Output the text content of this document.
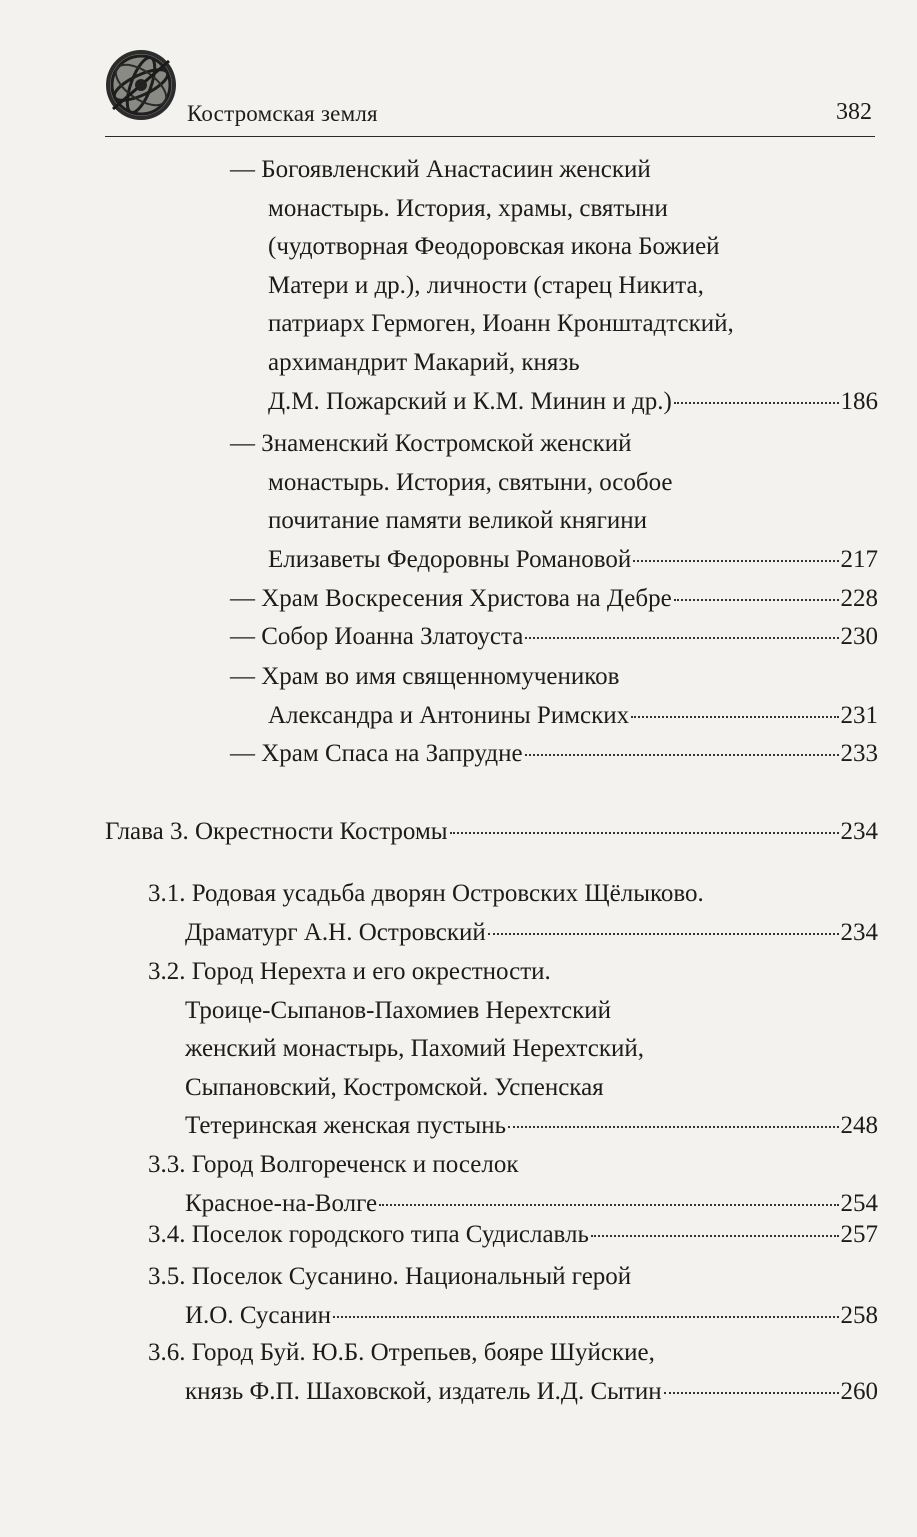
Костромская земля	382
— Богоявленский Анастасиин женский
монастырь. История, храмы, святыни
(чудотворная Феодоровская икона Божией
Матери и др.), личности (старец Никита,
патриарх Гермоген, Иоанн Кронштадтский,
архимандрит Макарий, князь
Д.М. Пожарский и К.М. Минин и др.)	186
— Знаменский Костромской женский
монастырь. История, святыни, особое
почитание памяти великой княгини
Елизаветы Федоровны Романовой	217
— Храм Воскресения Христова на Дебре	228
— Собор Иоанна Златоуста	230
— Храм во имя священномучеников
Александра и Антонины Римских	231
— Храм Спаса на Запрудне	233
Глава 3. Окрестности Костромы	234
3.1. Родовая усадьба дворян Островских Щёлыково.
Драматург А.Н. Островский	234
3.2. Город Нерехта и его окрестности.
Троице-Сыпанов-Пахомиев Нерехтский
женский монастырь, Пахомий Нерехтский,
Сыпановский, Костромской. Успенская
Тетеринская женская пустынь	248
3.3. Город Волгореченск и поселок
Красное-на-Волге	254
3.4. Поселок городского типа Судиславль	257
3.5. Поселок Сусанино. Национальный герой
И.О. Сусанин	258
3.6. Город Буй. Ю.Б. Отрепьев, бояре Шуйские,
князь Ф.П. Шаховской, издатель И.Д. Сытин	260
